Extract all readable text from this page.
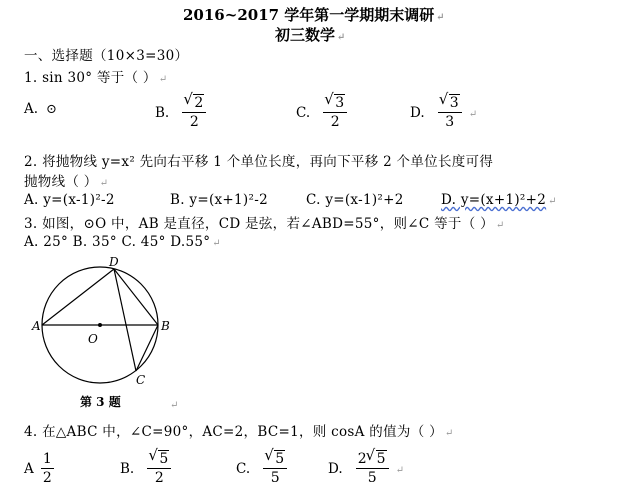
2016~2017 学年第一学期期末调研 ↵
初三数学 ↵
一、选择题（10×3=30）
1. sin 30° 等于（ ） ↵
A. ⊙	B. √ $\frac{2}{2}$	C. √ $\frac{3}{2}$	D. √ $\frac{3}{3}$ ↵
2. 将抛物线 y=x² 先向右平移 1 个单位长度，再向下平移 2 个单位长度可得
抛物线（ ） ↵
A. y=(x-1)²-2	B. y=(x+1)²-2	C. y=(x-1)²+2	D. y=(x+1)²+2 ↵
3. 如图，⊙O 中，AB 是直径，CD 是弦，若∠ABD=55°，则∠C 等于（ ） ↵
A. 25° B. 35° C. 45° D.55° ↵
A	B
C
D
O
第 3 题	↵
4. 在△ABC 中，∠C=90°，AC=2，BC=1，则 cosA 的值为（ ） ↵
A $\frac{1}{2}$	B. √ $\frac{5}{2}$	C. √ $\frac{5}{5}$	D. $\frac{2 √ 5}{5}$ ↵
